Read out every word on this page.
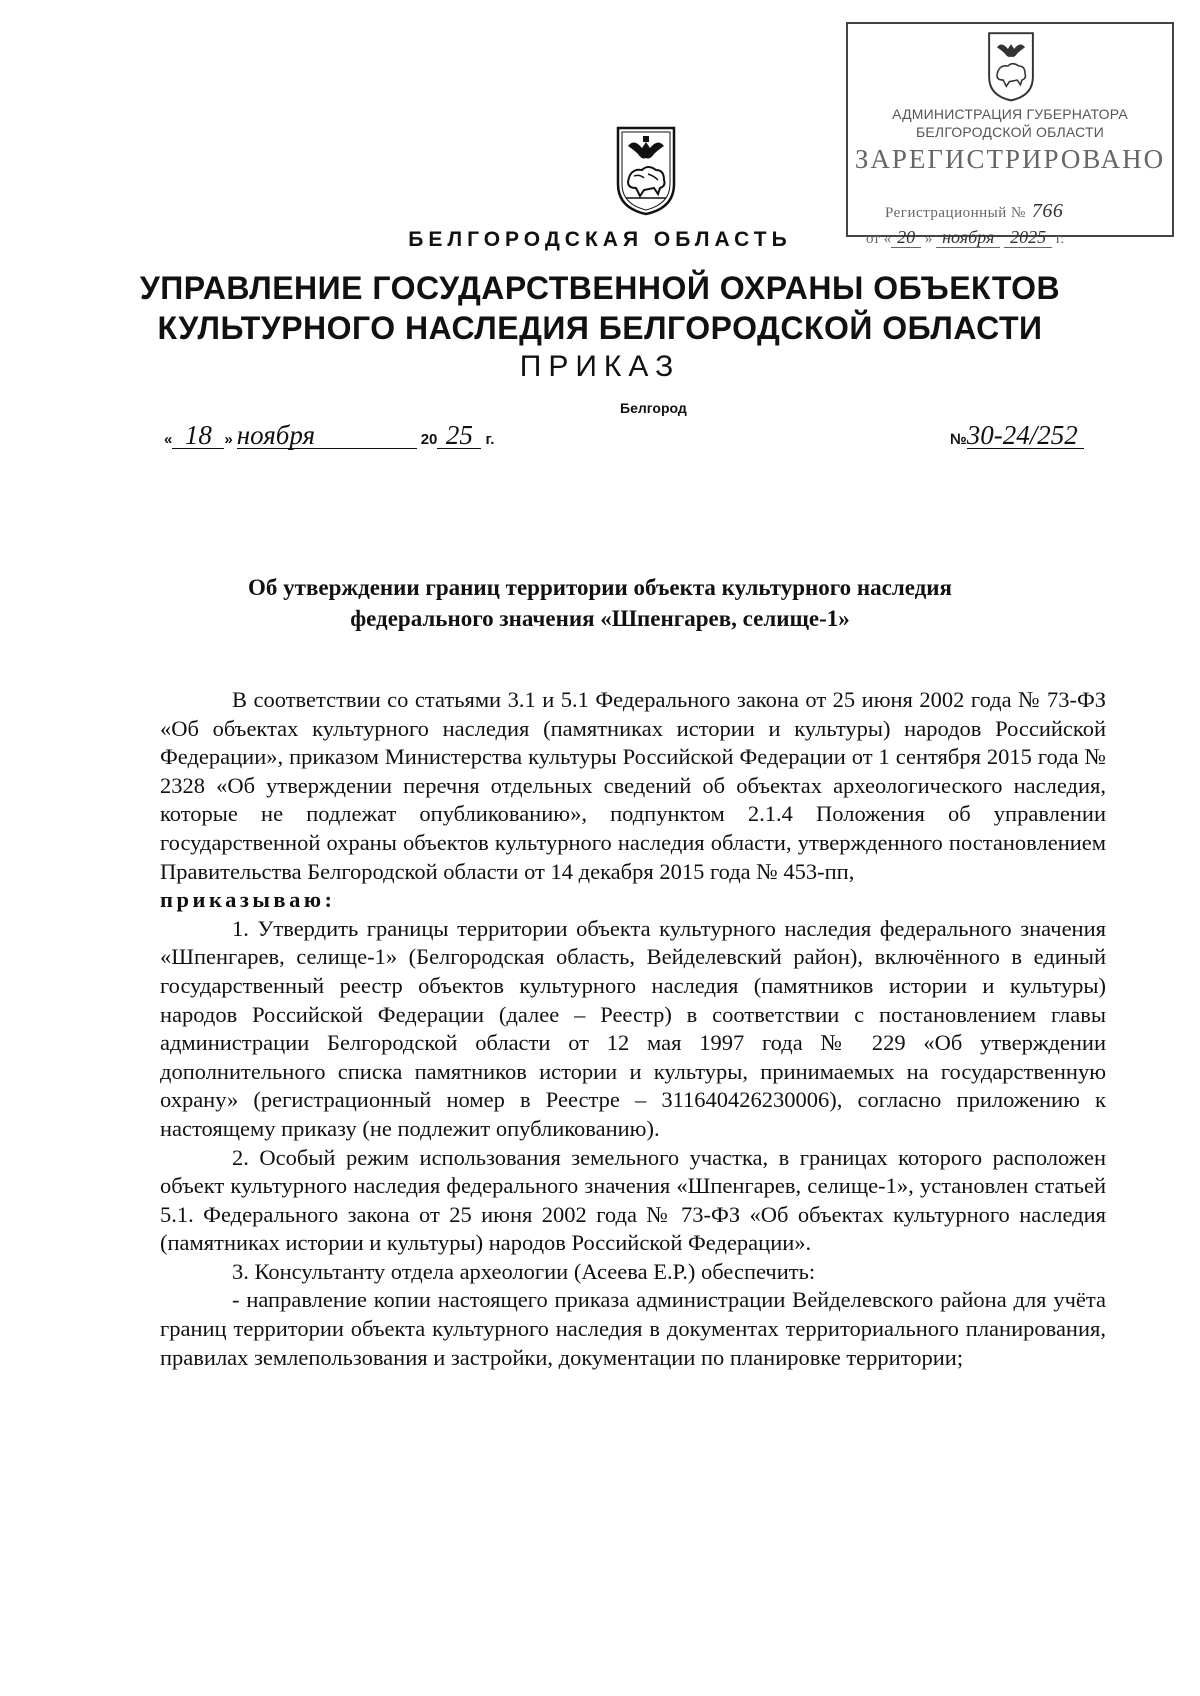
АДМИНИСТРАЦИЯ ГУБЕРНАТОРА
БЕЛГОРОДСКОЙ ОБЛАСТИ
ЗАРЕГИСТРИРОВАНО
Регистрационный № 766
от « 20 » ноября 2025 г.
БЕЛГОРОДСКАЯ ОБЛАСТЬ
УПРАВЛЕНИЕ ГОСУДАРСТВЕННОЙ ОХРАНЫ ОБЪЕКТОВ
КУЛЬТУРНОГО НАСЛЕДИЯ БЕЛГОРОДСКОЙ ОБЛАСТИ
ПРИКАЗ
Белгород
« 18 » ноября	20 25 г.	№30-24/252
Об утверждении границ территории объекта культурного наследия
федерального значения «Шпенгарев, селище-1»

В соответствии со статьями 3.1 и 5.1 Федерального закона от 25 июня 2002 года № 73-ФЗ «Об объектах культурного наследия (памятниках истории и культуры) народов Российской Федерации», приказом Министерства культуры Российской Федерации от 1 сентября 2015 года № 2328 «Об утверждении перечня отдельных сведений об объектах археологического наследия, которые не подлежат опубликованию», подпунктом 2.1.4 Положения об управлении государственной охраны объектов культурного наследия области, утвержденного постановлением Правительства Белгородской области от 14 декабря 2015 года № 453-пп,

приказываю:

1. Утвердить границы территории объекта культурного наследия федерального значения «Шпенгарев, селище-1» (Белгородская область, Вейделевский район), включённого в единый государственный реестр объектов культурного наследия (памятников истории и культуры) народов Российской Федерации (далее – Реестр) в соответствии с постановлением главы администрации Белгородской области от 12 мая 1997 года № 229 «Об утверждении дополнительного списка памятников истории и культуры, принимаемых на государственную охрану» (регистрационный номер в Реестре – 311640426230006), согласно приложению к настоящему приказу (не подлежит опубликованию).

2. Особый режим использования земельного участка, в границах которого расположен объект культурного наследия федерального значения «Шпенгарев, селище-1», установлен статьей 5.1. Федерального закона от 25 июня 2002 года № 73-ФЗ «Об объектах культурного наследия (памятниках истории и культуры) народов Российской Федерации».

3. Консультанту отдела археологии (Асеева Е.Р.) обеспечить:

- направление копии настоящего приказа администрации Вейделевского района для учёта границ территории объекта культурного наследия в документах территориального планирования, правилах землепользования и застройки, документации по планировке территории;
